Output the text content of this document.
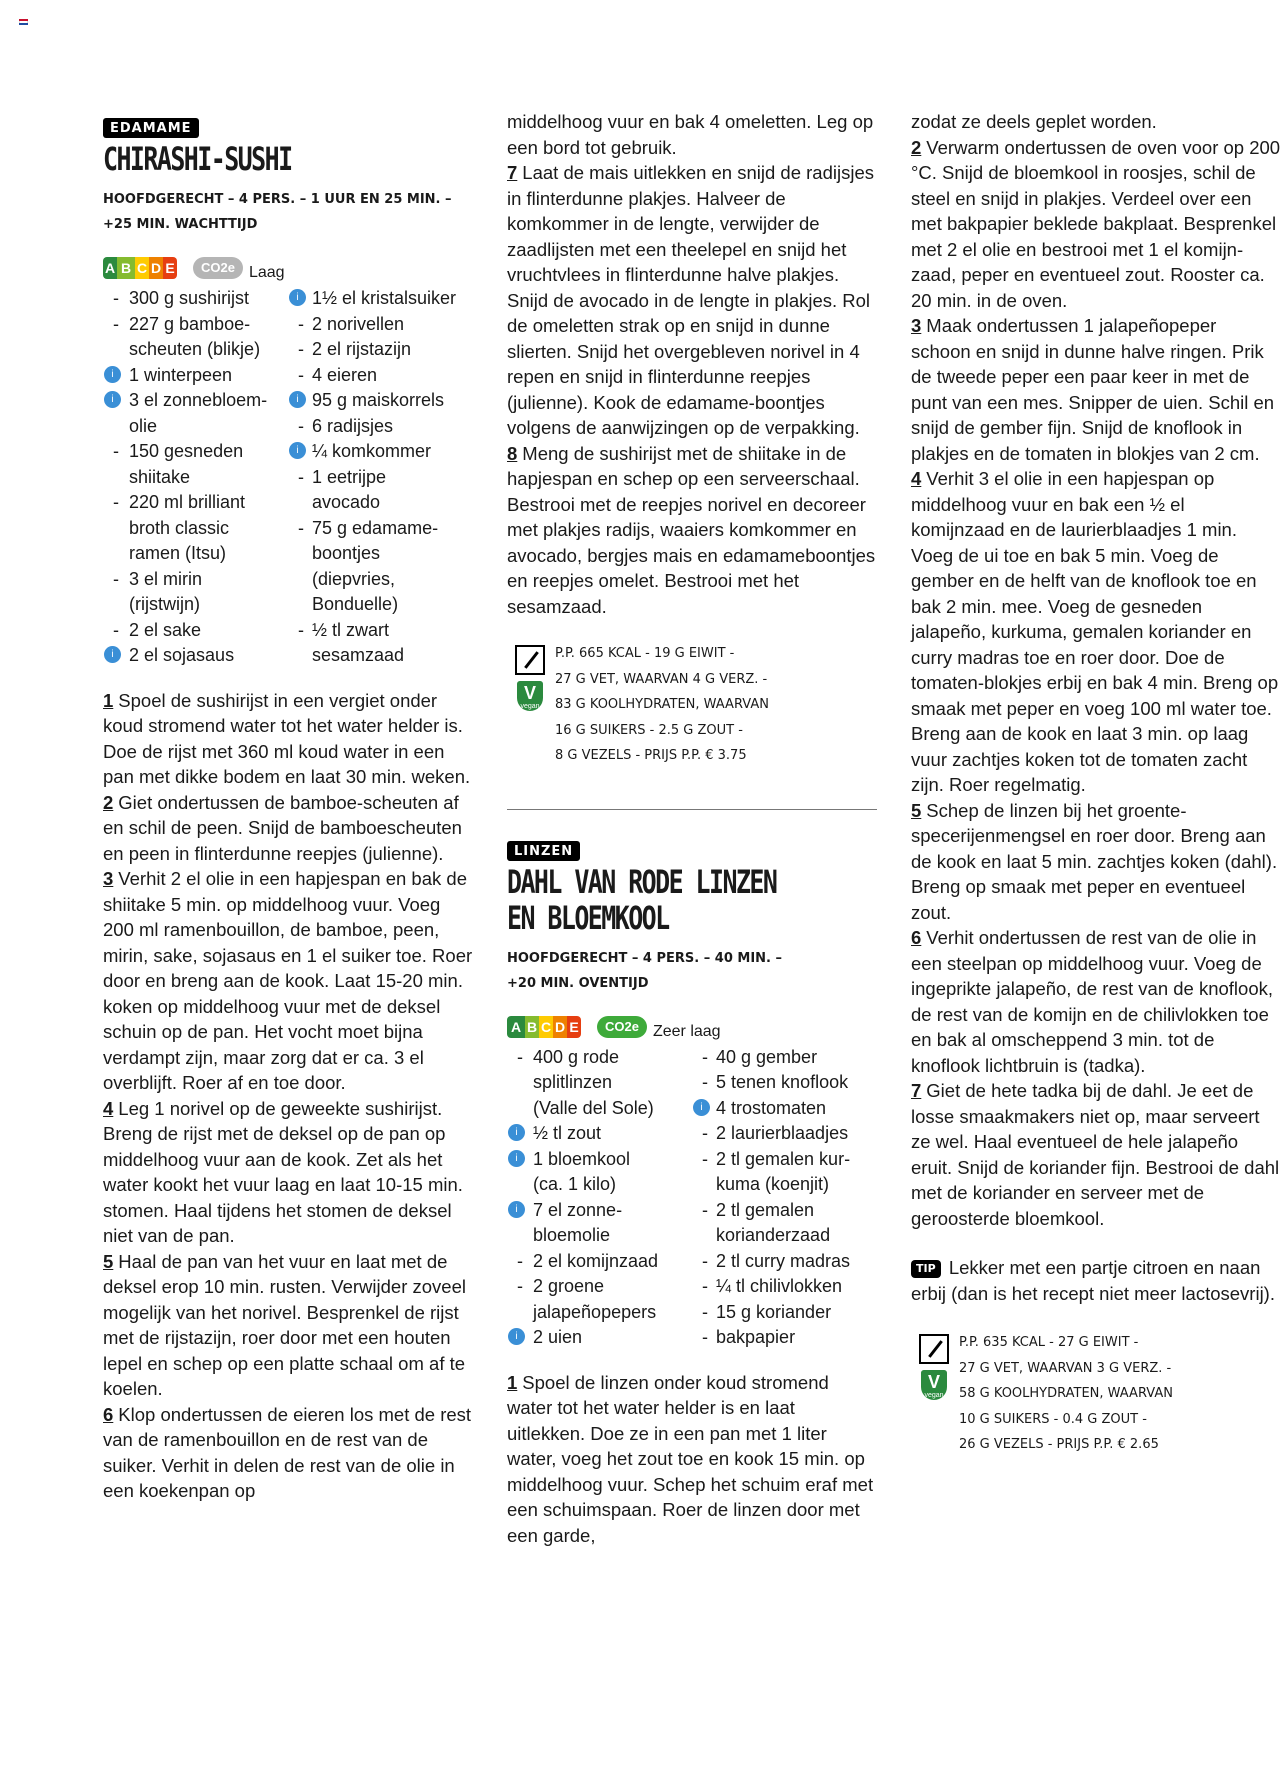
EDAMAME
CHIRASHI-SUSHI
HOOFDGERECHT – 4 PERS. – 1 UUR EN 25 MIN. –
+25 MIN. WACHTTIJD
A B C D E	CO2e Laag
- 300 g sushirijst
- 227 g bamboe-
scheuten (blikje)
i 1 winterpeen
i 3 el zonnebloem-
olie
- 150 gesneden
shiitake
- 220 ml brilliant
broth classic
ramen (Itsu)
- 3 el mirin
(rijstwijn)
- 2 el sake
i 2 el sojasaus
i 1½ el kristalsuiker
- 2 norivellen
- 2 el rijstazijn
- 4 eieren
i 95 g maiskorrels
- 6 radijsjes
i ¼ komkommer
- 1 eetrijpe
avocado
- 75 g edamame-
boontjes
(diepvries,
Bonduelle)
- ½ tl zwart
sesamzaad

1 Spoel de sushirijst in een vergiet onder koud stromend water tot het water helder is. Doe de rijst met 360 ml koud water in een pan met dikke bodem en laat 30 min. weken.

2 Giet ondertussen de bamboe-scheuten af en schil de peen. Snijd de bamboescheuten en peen in flinterdunne reepjes (julienne).

3 Verhit 2 el olie in een hapjespan en bak de shiitake 5 min. op middelhoog vuur. Voeg 200 ml ramenbouillon, de bamboe, peen, mirin, sake, sojasaus en 1 el suiker toe. Roer door en breng aan de kook. Laat 15-20 min. koken op middelhoog vuur met de deksel schuin op de pan. Het vocht moet bijna verdampt zijn, maar zorg dat er ca. 3 el overblijft. Roer af en toe door.

4 Leg 1 norivel op de geweekte sushirijst. Breng de rijst met de deksel op de pan op middelhoog vuur aan de kook. Zet als het water kookt het vuur laag en laat 10-15 min. stomen. Haal tijdens het stomen de deksel niet van de pan.

5 Haal de pan van het vuur en laat met de deksel erop 10 min. rusten. Verwijder zoveel mogelijk van het norivel. Besprenkel de rijst met de rijstazijn, roer door met een houten lepel en schep op een platte schaal om af te koelen.

6 Klop ondertussen de eieren los met de rest van de ramenbouillon en de rest van de suiker. Verhit in delen de rest van de olie in een koekenpan op

middelhoog vuur en bak 4 omeletten. Leg op een bord tot gebruik.

7 Laat de mais uitlekken en snijd de radijsjes in flinterdunne plakjes. Halveer de komkommer in de lengte, verwijder de zaadlijsten met een theelepel en snijd het vruchtvlees in flinterdunne halve plakjes. Snijd de avocado in de lengte in plakjes. Rol de omeletten strak op en snijd in dunne slierten. Snijd het overgebleven norivel in 4 repen en snijd in flinterdunne reepjes (julienne). Kook de edamame-boontjes volgens de aanwijzingen op de verpakking.

8 Meng de sushirijst met de shiitake in de hapjespan en schep op een serveerschaal. Bestrooi met de reepjes norivel en decoreer met plakjes radijs, waaiers komkommer en avocado, bergjes mais en edamameboontjes en reepjes omelet. Bestrooi met het sesamzaad.

V
vegan
P.P. 665 KCAL - 19 G EIWIT -
27 G VET, WAARVAN 4 G VERZ. -
83 G KOOLHYDRATEN, WAARVAN
16 G SUIKERS - 2.5 G ZOUT -
8 G VEZELS - PRIJS P.P. € 3.75
LINZEN
DAHL VAN RODE LINZEN
EN BLOEMKOOL
HOOFDGERECHT – 4 PERS. – 40 MIN. –
+20 MIN. OVENTIJD
A B C D E	CO2e Zeer laag
- 400 g rode
splitlinzen
(Valle del Sole)
i ½ tl zout
i 1 bloemkool
(ca. 1 kilo)
i 7 el zonne-
bloemolie
- 2 el komijnzaad
- 2 groene
jalapeñopepers
i 2 uien
- 40 g gember
- 5 tenen knoflook
i 4 trostomaten
- 2 laurierblaadjes
- 2 tl gemalen kur-
kuma (koenjit)
- 2 tl gemalen
korianderzaad
- 2 tl curry madras
- ¼ tl chilivlokken
- 15 g koriander
- bakpapier

1 Spoel de linzen onder koud stromend water tot het water helder is en laat uitlekken. Doe ze in een pan met 1 liter water, voeg het zout toe en kook 15 min. op middelhoog vuur. Schep het schuim eraf met een schuimspaan. Roer de linzen door met een garde,

zodat ze deels geplet worden.

2 Verwarm ondertussen de oven voor op 200 °C. Snijd de bloemkool in roosjes, schil de steel en snijd in plakjes. Verdeel over een met bakpapier beklede bakplaat. Besprenkel met 2 el olie en bestrooi met 1 el komijn-zaad, peper en eventueel zout. Rooster ca. 20 min. in de oven.

3 Maak ondertussen 1 jalapeñopeper schoon en snijd in dunne halve ringen. Prik de tweede peper een paar keer in met de punt van een mes. Snipper de uien. Schil en snijd de gember fijn. Snijd de knoflook in plakjes en de tomaten in blokjes van 2 cm.

4 Verhit 3 el olie in een hapjespan op middelhoog vuur en bak een ½ el komijnzaad en de laurierblaadjes 1 min. Voeg de ui toe en bak 5 min. Voeg de gember en de helft van de knoflook toe en bak 2 min. mee. Voeg de gesneden jalapeño, kurkuma, gemalen koriander en curry madras toe en roer door. Doe de tomaten-blokjes erbij en bak 4 min. Breng op smaak met peper en voeg 100 ml water toe. Breng aan de kook en laat 3 min. op laag vuur zachtjes koken tot de tomaten zacht zijn. Roer regelmatig.

5 Schep de linzen bij het groente-specerijenmengsel en roer door. Breng aan de kook en laat 5 min. zachtjes koken (dahl). Breng op smaak met peper en eventueel zout.

6 Verhit ondertussen de rest van de olie in een steelpan op middelhoog vuur. Voeg de ingeprikte jalapeño, de rest van de knoflook, de rest van de komijn en de chilivlokken toe en bak al omscheppend 3 min. tot de knoflook lichtbruin is (tadka).

7 Giet de hete tadka bij de dahl. Je eet de losse smaakmakers niet op, maar serveert ze wel. Haal eventueel de hele jalapeño eruit. Snijd de koriander fijn. Bestrooi de dahl met de koriander en serveer met de geroosterde bloemkool.

TIP Lekker met een partje citroen en naan erbij (dan is het recept niet meer lactosevrij).
V
vegan
P.P. 635 KCAL - 27 G EIWIT -
27 G VET, WAARVAN 3 G VERZ. -
58 G KOOLHYDRATEN, WAARVAN
10 G SUIKERS - 0.4 G ZOUT -
26 G VEZELS - PRIJS P.P. € 2.65
